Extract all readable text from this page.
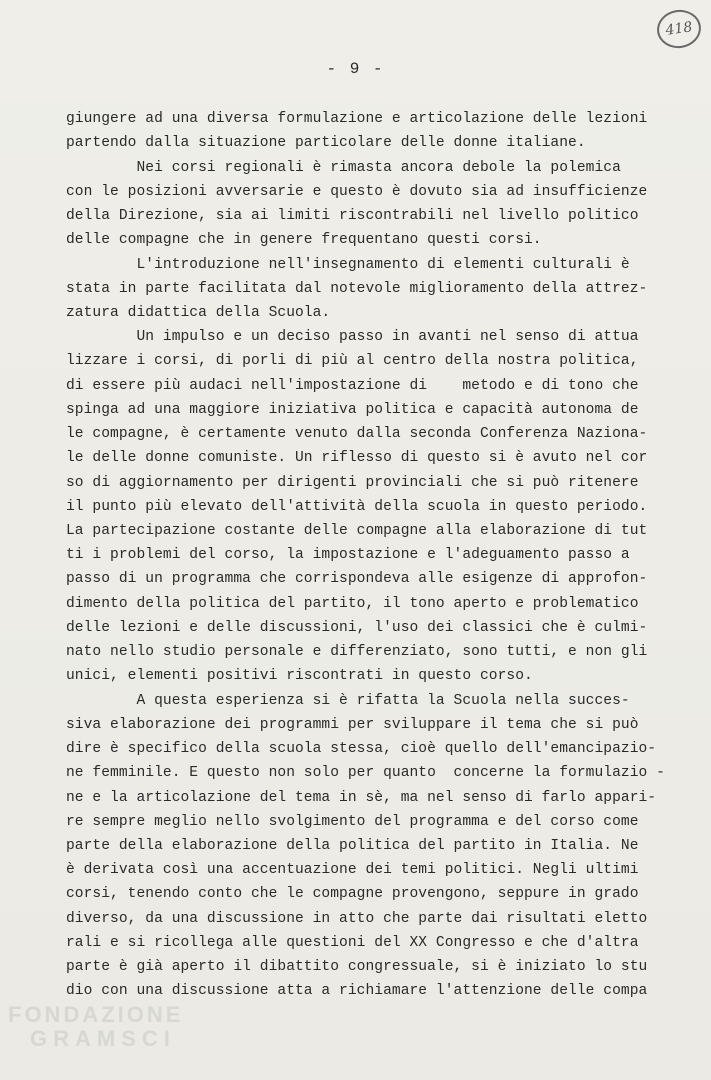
418
- 9 -
giungere ad una diversa formulazione e articolazione delle lezioni
partendo dalla situazione particolare delle donne italiane.
Nei corsi regionali è rimasta ancora debole la polemica
con le posizioni avversarie e questo è dovuto sia ad insufficienze
della Direzione, sia ai limiti riscontrabili nel livello politico
delle compagne che in genere frequentano questi corsi.
L'introduzione nell'insegnamento di elementi culturali è
stata in parte facilitata dal notevole miglioramento della attrez-
zatura didattica della Scuola.
Un impulso e un deciso passo in avanti nel senso di attua
lizzare i corsi, di porli di più al centro della nostra politica,
di essere più audaci nell'impostazione di    metodo e di tono che
spinga ad una maggiore iniziativa politica e capacità autonoma de
le compagne, è certamente venuto dalla seconda Conferenza Naziona-
le delle donne comuniste. Un riflesso di questo si è avuto nel cor
so di aggiornamento per dirigenti provinciali che si può ritenere
il punto più elevato dell'attività della scuola in questo periodo.
La partecipazione costante delle compagne alla elaborazione di tut
ti i problemi del corso, la impostazione e l'adeguamento passo a
passo di un programma che corrispondeva alle esigenze di approfon-
dimento della politica del partito, il tono aperto e problematico
delle lezioni e delle discussioni, l'uso dei classici che è culmi-
nato nello studio personale e differenziato, sono tutti, e non gli
unici, elementi positivi riscontrati in questo corso.
A questa esperienza si è rifatta la Scuola nella succes-
siva elaborazione dei programmi per sviluppare il tema che si può
dire è specifico della scuola stessa, cioè quello dell'emancipazio-
ne femminile. E questo non solo per quanto  concerne la formulazio -
ne e la articolazione del tema in sè, ma nel senso di farlo appari-
re sempre meglio nello svolgimento del programma e del corso come
parte della elaborazione della politica del partito in Italia. Ne
è derivata così una accentuazione dei temi politici. Negli ultimi
corsi, tenendo conto che le compagne provengono, seppure in grado
diverso, da una discussione in atto che parte dai risultati eletto
rali e si ricollega alle questioni del XX Congresso e che d'altra
parte è già aperto il dibattito congressuale, si è iniziato lo stu
dio con una discussione atta a richiamare l'attenzione delle compa
FONDAZIONE
GRAMSCI
